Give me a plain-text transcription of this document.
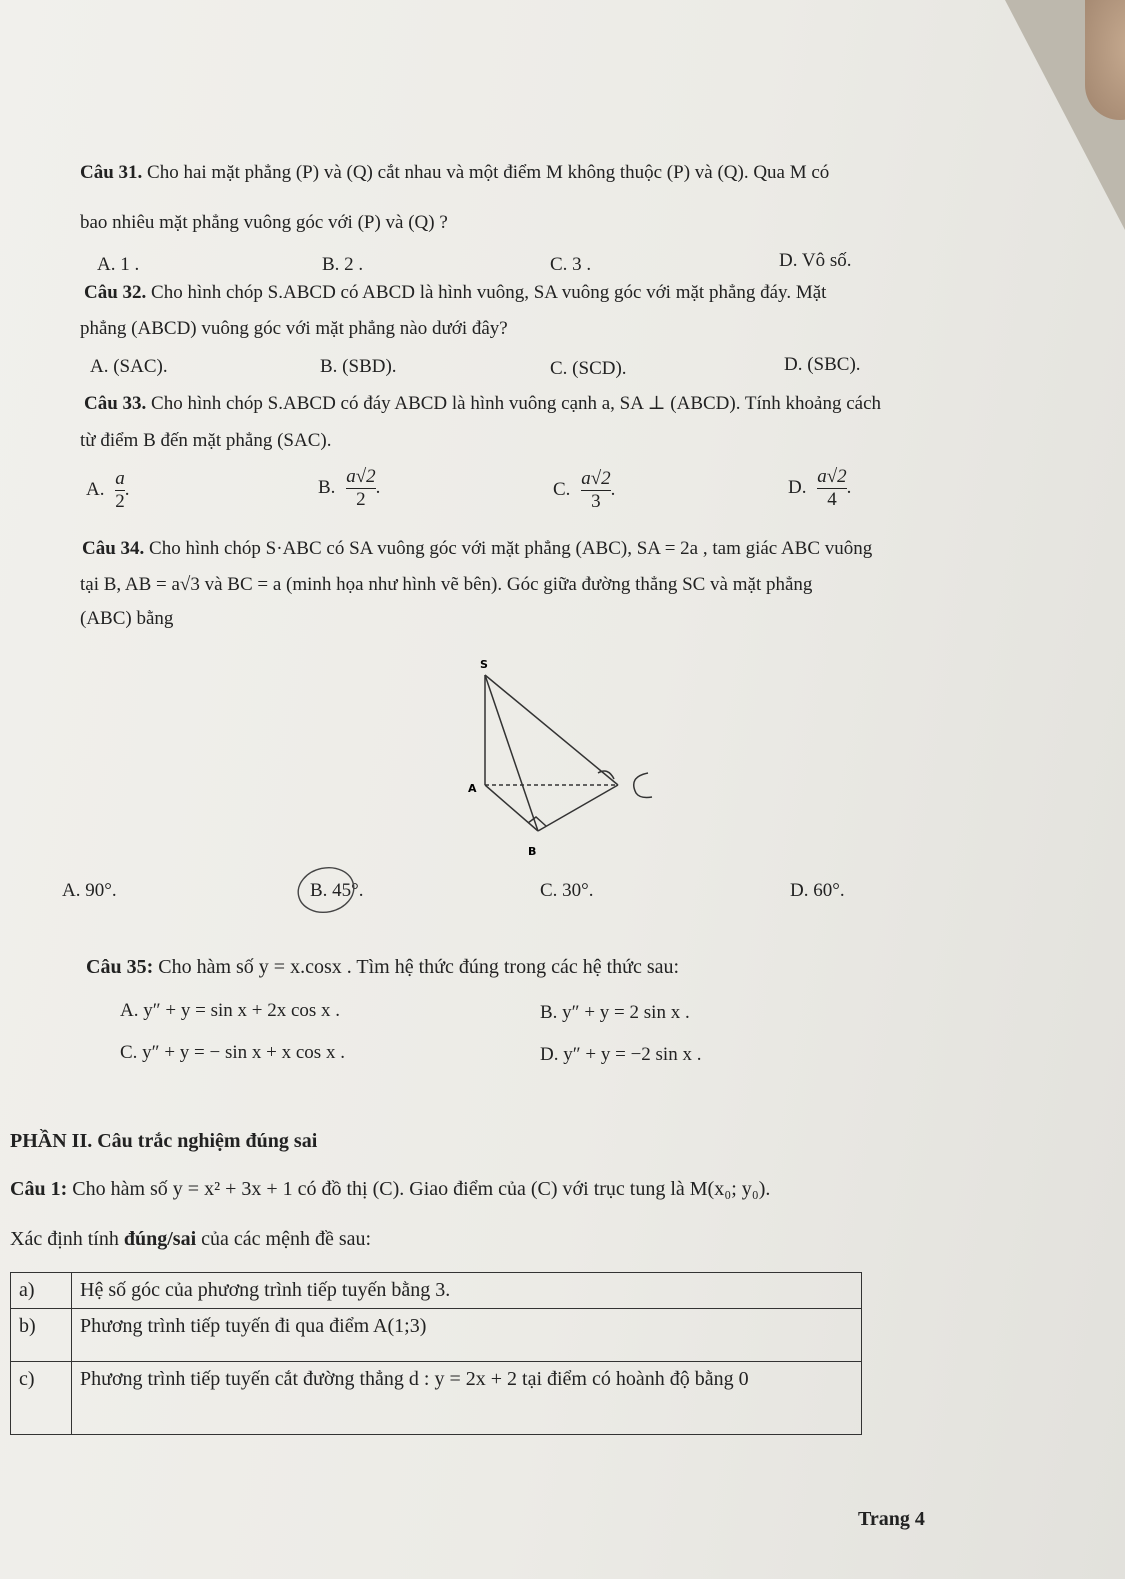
Câu 31. Cho hai mặt phẳng (P) và (Q) cắt nhau và một điểm M không thuộc (P) và (Q). Qua M có
bao nhiêu mặt phẳng vuông góc với (P) và (Q) ?
A. 1 .	B. 2 .	C. 3 .	D. Vô số.
Câu 32. Cho hình chóp S.ABCD có ABCD là hình vuông, SA vuông góc với mặt phẳng đáy. Mặt
phẳng (ABCD) vuông góc với mặt phẳng nào dưới đây?
A. (SAC).	B. (SBD).	C. (SCD).	D. (SBC).
Câu 33. Cho hình chóp S.ABCD có đáy ABCD là hình vuông cạnh a, SA ⊥ (ABCD). Tính khoảng cách
từ điểm B đến mặt phẳng (SAC).
A. $\frac{a}{2}$ .	B. $\frac{a√2}{2}$ .	C. $\frac{a√2}{3}$ .	D. $\frac{a√2}{4}$ .
Câu 34. Cho hình chóp S·ABC có SA vuông góc với mặt phẳng (ABC), SA = 2a , tam giác ABC vuông
tại B, AB = a√3 và BC = a (minh họa như hình vẽ bên). Góc giữa đường thẳng SC và mặt phẳng
(ABC) bằng
S
A
B
C
A. 90°.	B. 45°.	C. 30°.	D. 60°.
Câu 35: Cho hàm số y = x.cosx . Tìm hệ thức đúng trong các hệ thức sau:
A. y″ + y = sin x + 2x cos x .	B. y″ + y = 2 sin x .
C. y″ + y = − sin x + x cos x .	D. y″ + y = −2 sin x .
PHẦN II. Câu trắc nghiệm đúng sai
Câu 1: Cho hàm số y = x² + 3x + 1 có đồ thị (C). Giao điểm của (C) với trục tung là M(x₀; y₀).
Xác định tính đúng/sai của các mệnh đề sau:
a)	Hệ số góc của phương trình tiếp tuyến bằng 3.
b)	Phương trình tiếp tuyến đi qua điểm A(1;3)
c)	Phương trình tiếp tuyến cắt đường thẳng d : y = 2x + 2 tại điểm có hoành độ bằng 0
Trang 4
